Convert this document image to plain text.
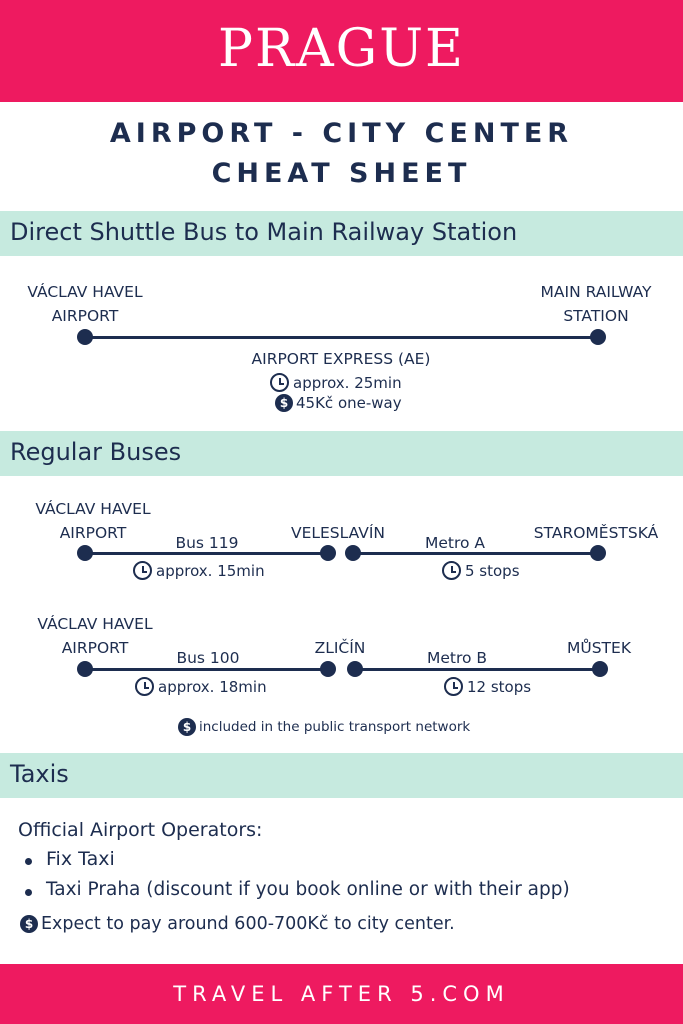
PRAGUE
AIRPORT - CITY CENTER
CHEAT SHEET
Direct Shuttle Bus to Main Railway Station
VÁCLAV HAVEL
AIRPORT
MAIN RAILWAY
STATION
AIRPORT EXPRESS (AE)
approx. 25min
$ 45Kč one-way
Regular Buses
VÁCLAV HAVEL
AIRPORT
Bus 119
VELESLAVÍN
Metro A
STAROMĚSTSKÁ
approx. 15min	5 stops
VÁCLAV HAVEL
AIRPORT
Bus 100
ZLIČÍN
Metro B
MŮSTEK
approx. 18min	12 stops
$ included in the public transport network
Taxis
Official Airport Operators:
Fix Taxi
Taxi Praha (discount if you book online or with their app)
$ Expect to pay around 600-700Kč to city center.
TRAVEL AFTER 5.COM
